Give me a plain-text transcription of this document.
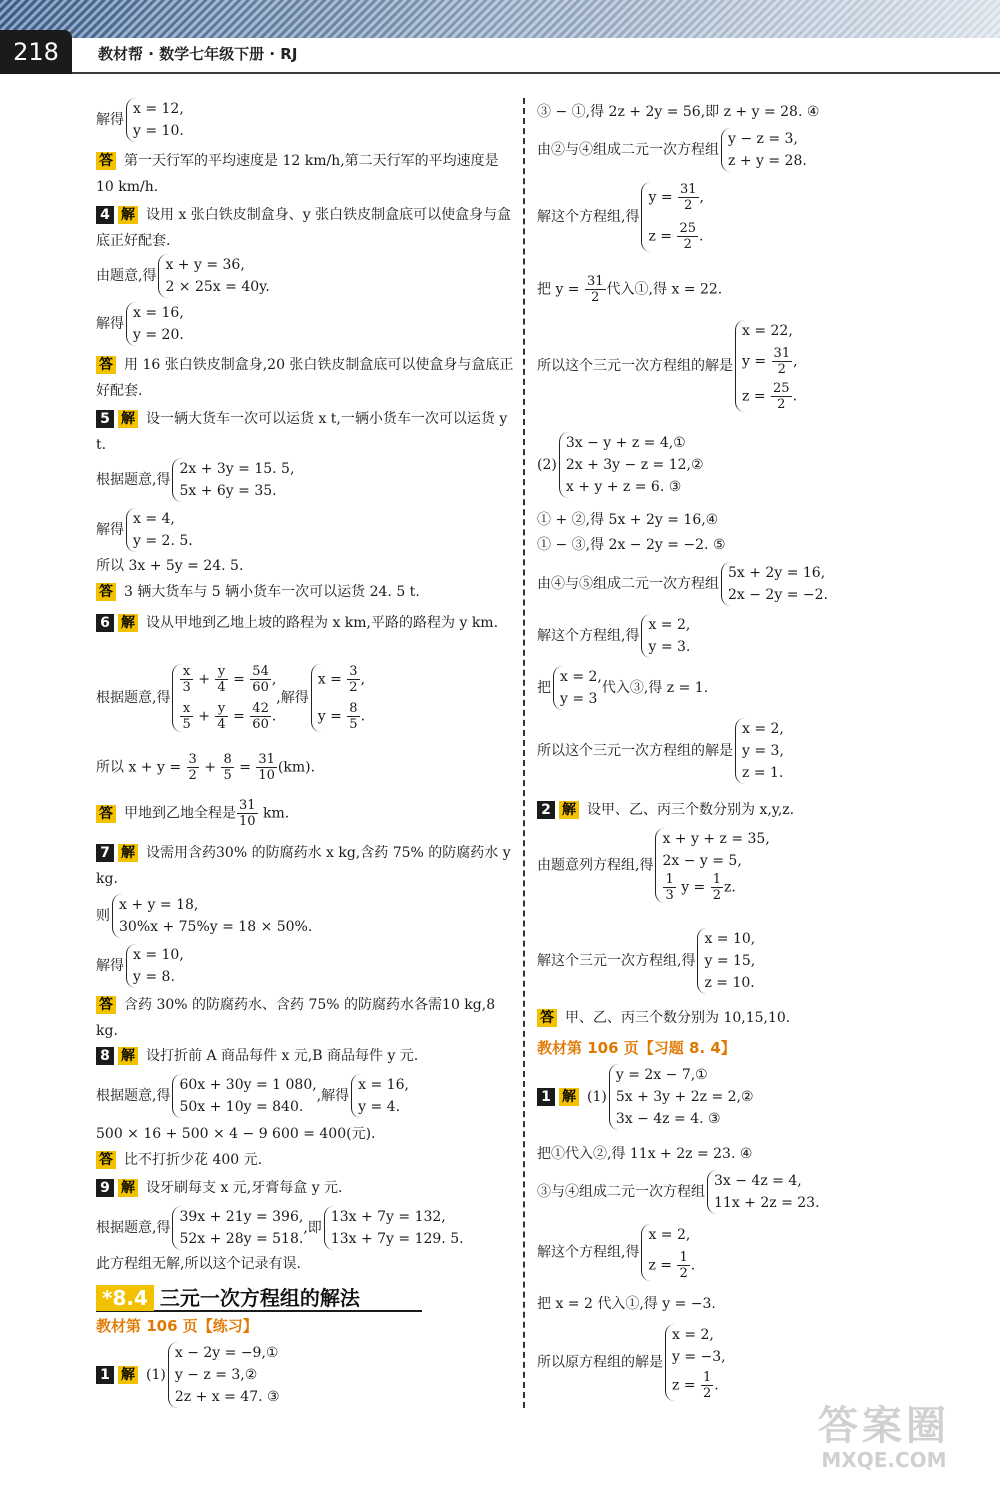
218	教材帮 · 数学七年级下册 · RJ
解得
x = 12,
y = 10.
答 第一天行军的平均速度是 12 km/h,第二天行军的平均速度是 10 km/h.
4 解 设用 x 张白铁皮制盒身、y 张白铁皮制盒底可以使盒身与盒底正好配套.
由题意,得
x + y = 36,
2 × 25x = 40y.
解得
x = 16,
y = 20.
答 用 16 张白铁皮制盒身,20 张白铁皮制盒底可以使盒身与盒底正好配套.
5 解 设一辆大货车一次可以运货 x t,一辆小货车一次可以运货 y t.
根据题意,得
2x + 3y = 15. 5,
5x + 6y = 35.
解得
x = 4,
y = 2. 5.
所以 3x + 5y = 24. 5.
答 3 辆大货车与 5 辆小货车一次可以运货 24. 5 t.
6 解 设从甲地到乙地上坡的路程为 x km,平路的路程为 y km.
根据题意,得
$\frac{x}{3} + \frac{y}{4} = \frac{54}{60}$ ,
$\frac{x}{5} + \frac{y}{4} = \frac{42}{60}$ .
,解得
$x = \frac{3}{2}$ ,
$y = \frac{8}{5}$ .
所以 $x + y = \frac{3}{2} + \frac{8}{5} = \frac{31}{10} (km)$.
答 甲地到乙地全程是 $\frac{31}{10}$ km.
7 解 设需用含药30% 的防腐药水 x kg,含药 75% 的防腐药水 y kg.
则
x + y = 18,
30%x + 75%y = 18 × 50%.
解得
x = 10,
y = 8.
答 含药 30% 的防腐药水、含药 75% 的防腐药水各需10 kg,8 kg.
8 解 设打折前 A 商品每件 x 元,B 商品每件 y 元.
根据题意,得
60x + 30y = 1 080,
50x + 10y = 840.
,解得
x = 16,
y = 4.
500 × 16 + 500 × 4 − 9 600 = 400(元).
答 比不打折少花 400 元.
9 解 设牙刷每支 x 元,牙膏每盒 y 元.
根据题意,得
39x + 21y = 396,
52x + 28y = 518.
,即
13x + 7y = 132,
13x + 7y = 129. 5.
此方程组无解,所以这个记录有误.
*8.4 三元一次方程组的解法
教材第 106 页【练习】
1 解 (1)
x − 2y = −9,①
y − z = 3,②
2z + x = 47. ③
③ − ①,得 2z + 2y = 56,即 z + y = 28. ④
由②与④组成二元一次方程组
y − z = 3,
z + y = 28.
解这个方程组,得
$y = \frac{31}{2}$ ,
$z = \frac{25}{2}$ .
把 $y = \frac{31}{2}$ 代入①,得 x = 22.
所以这个三元一次方程组的解是
x = 22,
$y = \frac{31}{2}$ ,
$z = \frac{25}{2}$ .
(2)
3x − y + z = 4,①
2x + 3y − z = 12,②
x + y + z = 6. ③
① + ②,得 5x + 2y = 16,④
① − ③,得 2x − 2y = −2. ⑤
由④与⑤组成二元一次方程组
5x + 2y = 16,
2x − 2y = −2.
解这个方程组,得
x = 2,
y = 3.
把
x = 2,
y = 3
代入③,得 z = 1.
所以这个三元一次方程组的解是
x = 2,
y = 3,
z = 1.
2 解 设甲、乙、丙三个数分别为 x,y,z.
由题意列方程组,得
x + y + z = 35,
2x − y = 5,
$\frac{1}{3}$ $y = \frac{1}{2} z$.
解这个三元一次方程组,得
x = 10,
y = 15,
z = 10.
答 甲、乙、丙三个数分别为 10,15,10.
教材第 106 页【习题 8. 4】
1 解 (1)
y = 2x − 7,①
5x + 3y + 2z = 2,②
3x − 4z = 4. ③
把①代入②,得 11x + 2z = 23. ④
③与④组成二元一次方程组
3x − 4z = 4,
11x + 2z = 23.
解这个方程组,得
x = 2,
$z = \frac{1}{2}$ .
把 x = 2 代入①,得 y = −3.
所以原方程组的解是
x = 2,
y = −3,
$z = \frac{1}{2}$ .
答案圈
MXQE.COM
